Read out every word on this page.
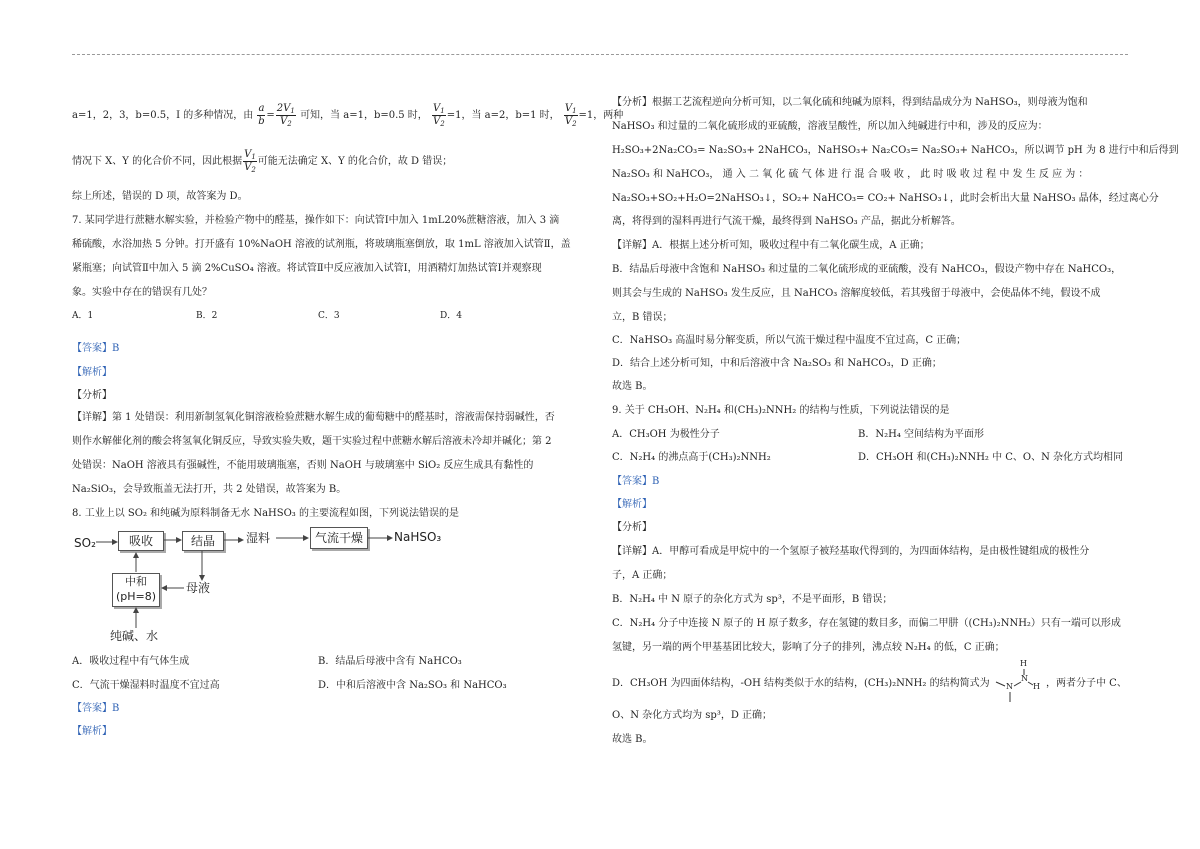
a=1，2，3，b=0.5，I 的多种情况，由 $\frac{a}{b} = \frac{2V_1}{V_2}$ 可知，当 a=1，b=0.5 时， $\frac{V_1}{V_2} =1$，当 a=2，b=1 时， $\frac{V_1}{V_2} =1$，两种
情况下 X、Y 的化合价不同，因此根据 $\frac{V_1}{V_2}$ 可能无法确定 X、Y 的化合价，故 D 错误；
综上所述，错误的 D 项，故答案为 D。
7. 某同学进行蔗糖水解实验，并检验产物中的醛基，操作如下：向试管Ⅰ中加入 1mL20%蔗糖溶液，加入 3 滴
稀硫酸，水浴加热 5 分钟。打开盛有 10%NaOH 溶液的试剂瓶，将玻璃瓶塞倒放，取 1mL 溶液加入试管Ⅱ，盖
紧瓶塞；向试管Ⅱ中加入 5 滴 2%CuSO₄ 溶液。将试管Ⅱ中反应液加入试管Ⅰ，用酒精灯加热试管Ⅰ并观察现
象。实验中存在的错误有几处？
A．1	B．2	C．3	D．4
【答案】B
【解析】
【分析】
【详解】第 1 处错误：利用新制氢氧化铜溶液检验蔗糖水解生成的葡萄糖中的醛基时，溶液需保持弱碱性，否
则作水解催化剂的酸会将氢氧化铜反应，导致实验失败，题干实验过程中蔗糖水解后溶液未冷却并碱化；第 2
处错误：NaOH 溶液具有强碱性，不能用玻璃瓶塞，否则 NaOH 与玻璃塞中 SiO₂ 反应生成具有黏性的
Na₂SiO₃，会导致瓶盖无法打开，共 2 处错误，故答案为 B。
8. 工业上以 SO₂ 和纯碱为原料制备无水 NaHSO₃ 的主要流程如图，下列说法错误的是
SO₂	吸收	结晶	湿料	气流干燥	NaHSO₃
中和
(pH=8)
母液
纯碱、水
A．吸收过程中有气体生成	B．结晶后母液中含有 NaHCO₃
C．气流干燥湿料时温度不宜过高	D．中和后溶液中含 Na₂SO₃ 和 NaHCO₃
【答案】B
【解析】
【分析】根据工艺流程逆向分析可知，以二氧化硫和纯碱为原料，得到结晶成分为 NaHSO₃，则母液为饱和
NaHSO₃ 和过量的二氧化硫形成的亚硫酸，溶液呈酸性，所以加入纯碱进行中和，涉及的反应为：
H₂SO₃+2Na₂CO₃= Na₂SO₃+ 2NaHCO₃，NaHSO₃+ Na₂CO₃= Na₂SO₃+ NaHCO₃，所以调节 pH 为 8 进行中和后得到
Na₂SO₃ 和 NaHCO₃， 通 入 二 氧 化 硫 气 体 进 行 混 合 吸 收 ， 此 时 吸 收 过 程 中 发 生 反 应 为 ：
Na₂SO₃+SO₂+H₂O=2NaHSO₃↓，SO₂+ NaHCO₃= CO₂+ NaHSO₃↓，此时会析出大量 NaHSO₃ 晶体，经过离心分
离，将得到的湿料再进行气流干燥，最终得到 NaHSO₃ 产品，据此分析解答。
【详解】A．根据上述分析可知，吸收过程中有二氧化碳生成，A 正确；
B．结晶后母液中含饱和 NaHSO₃ 和过量的二氧化硫形成的亚硫酸，没有 NaHCO₃，假设产物中存在 NaHCO₃，
则其会与生成的 NaHSO₃ 发生反应，且 NaHCO₃ 溶解度较低，若其残留于母液中，会使晶体不纯，假设不成
立，B 错误；
C．NaHSO₃ 高温时易分解变质，所以气流干燥过程中温度不宜过高，C 正确；
D．结合上述分析可知，中和后溶液中含 Na₂SO₃ 和 NaHCO₃，D 正确；
故选 B。
9. 关于 CH₃OH、N₂H₄ 和(CH₃)₂NNH₂ 的结构与性质，下列说法错误的是
A．CH₃OH 为极性分子	B．N₂H₄ 空间结构为平面形
C．N₂H₄ 的沸点高于(CH₃)₂NNH₂	D．CH₃OH 和(CH₃)₂NNH₂ 中 C、O、N 杂化方式均相同
【答案】B
【解析】
【分析】
【详解】A．甲醇可看成是甲烷中的一个氢原子被羟基取代得到的，为四面体结构，是由极性键组成的极性分
子，A 正确；
B．N₂H₄ 中 N 原子的杂化方式为 sp³，不是平面形，B 错误；
C．N₂H₄ 分子中连接 N 原子的 H 原子数多，存在氢键的数目多，而偏二甲肼（(CH₃)₂NNH₂）只有一端可以形成
氢键，另一端的两个甲基基团比较大，影响了分子的排列，沸点较 N₂H₄ 的低，C 正确；
D．CH₃OH 为四面体结构，-OH 结构类似于水的结构，(CH₃)₂NNH₂ 的结构简式为
H
N
N
H ，两者分子中 C、
O、N 杂化方式均为 sp³，D 正确；
故选 B。
